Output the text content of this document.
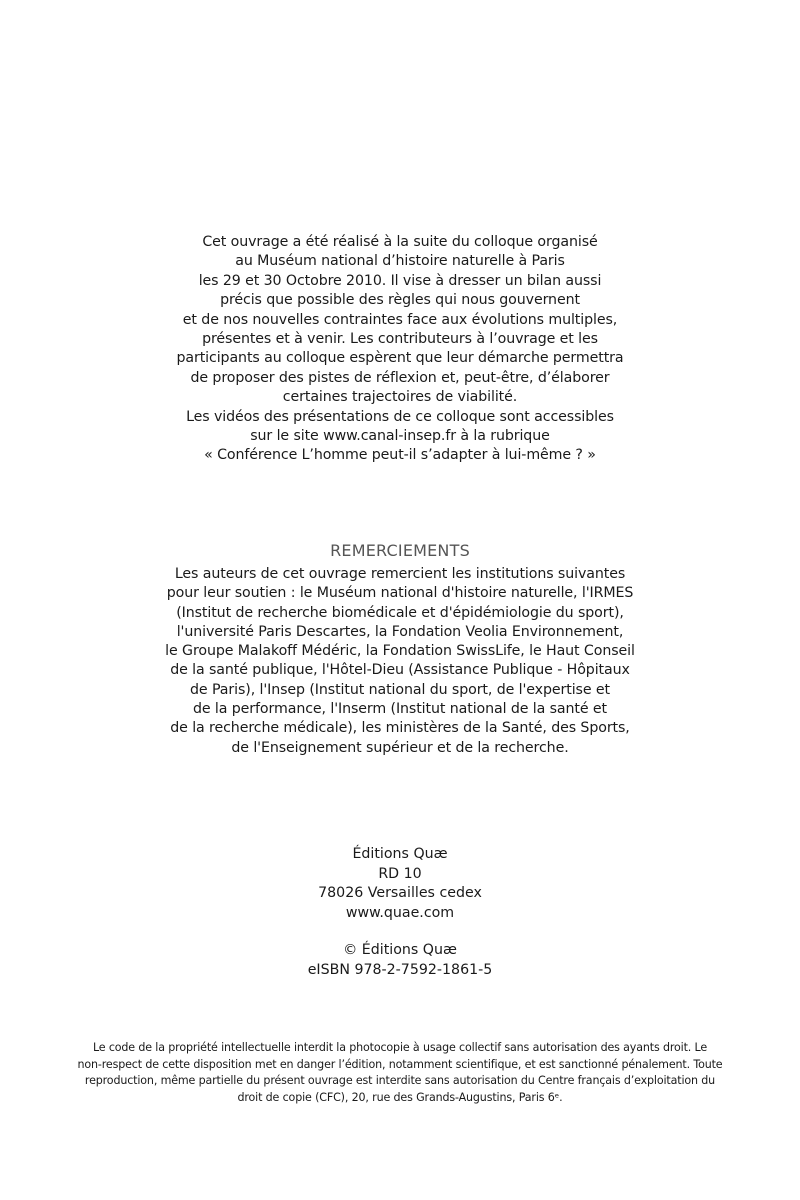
Cet ouvrage a été réalisé à la suite du colloque organisé
au Muséum national d’histoire naturelle à Paris
les 29 et 30 Octobre 2010. Il vise à dresser un bilan aussi
précis que possible des règles qui nous gouvernent
et de nos nouvelles contraintes face aux évolutions multiples,
présentes et à venir. Les contributeurs à l’ouvrage et les
participants au colloque espèrent que leur démarche permettra
de proposer des pistes de réflexion et, peut-être, d’élaborer
certaines trajectoires de viabilité.
Les vidéos des présentations de ce colloque sont accessibles
sur le site www.canal-insep.fr à la rubrique
« Conférence L’homme peut-il s’adapter à lui-même ? »
REMERCIEMENTS
Les auteurs de cet ouvrage remercient les institutions suivantes
pour leur soutien : le Muséum national d'histoire naturelle, l'IRMES
(Institut de recherche biomédicale et d'épidémiologie du sport),
l'université Paris Descartes, la Fondation Veolia Environnement,
le Groupe Malakoff Médéric, la Fondation SwissLife, le Haut Conseil
de la santé publique, l'Hôtel-Dieu (Assistance Publique - Hôpitaux
de Paris), l'Insep (Institut national du sport, de l'expertise et
de la performance, l'Inserm (Institut national de la santé et
de la recherche médicale), les ministères de la Santé, des Sports,
de l'Enseignement supérieur et de la recherche.
Éditions Quæ
RD 10
78026 Versailles cedex
www.quae.com
© Éditions Quæ
eISBN 978-2-7592-1861-5
Le code de la propriété intellectuelle interdit la photocopie à usage collectif sans autorisation des ayants droit. Le
non-respect de cette disposition met en danger l’édition, notamment scientifique, et est sanctionné pénalement. Toute
reproduction, même partielle du présent ouvrage est interdite sans autorisation du Centre français d’exploitation du
droit de copie (CFC), 20, rue des Grands-Augustins, Paris 6ᵉ.
